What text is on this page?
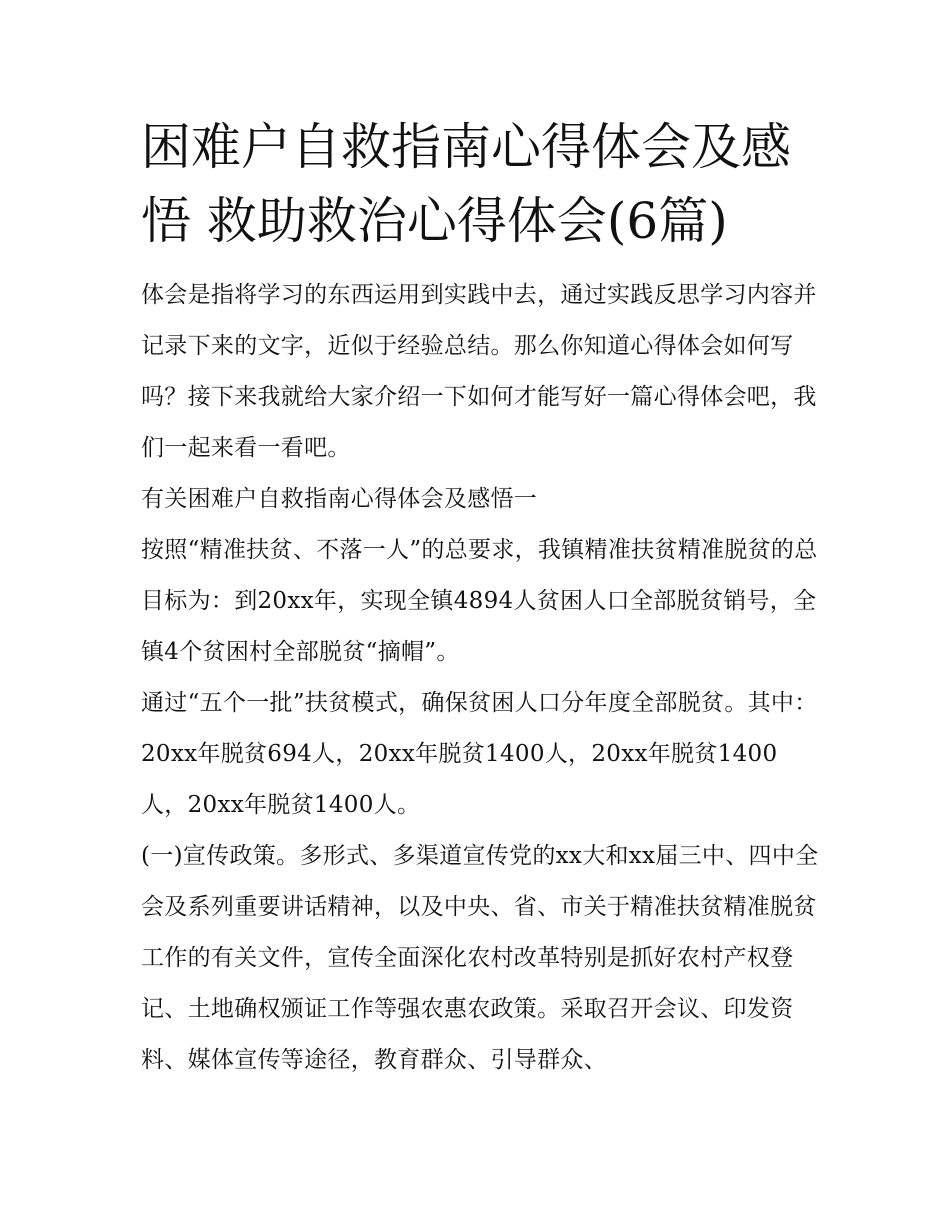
困难户自救指南心得体会及感悟 救助救治心得体会(6篇)

体会是指将学习的东西运用到实践中去，通过实践反思学习内容并记录下来的文字，近似于经验总结。那么你知道心得体会如何写吗？接下来我就给大家介绍一下如何才能写好一篇心得体会吧，我们一起来看一看吧。

有关困难户自救指南心得体会及感悟一

按照“精准扶贫、不落一人”的总要求，我镇精准扶贫精准脱贫的总目标为：到20xx年，实现全镇4894人贫困人口全部脱贫销号，全镇4个贫困村全部脱贫“摘帽”。

通过“五个一批”扶贫模式，确保贫困人口分年度全部脱贫。其中：20xx年脱贫694人，20xx年脱贫1400人，20xx年脱贫1400人，20xx年脱贫1400人。

(一)宣传政策。多形式、多渠道宣传党的xx大和xx届三中、四中全会及系列重要讲话精神，以及中央、省、市关于精准扶贫精准脱贫工作的有关文件，宣传全面深化农村改革特别是抓好农村产权登记、土地确权颁证工作等强农惠农政策。采取召开会议、印发资料、媒体宣传等途径，教育群众、引导群众、
